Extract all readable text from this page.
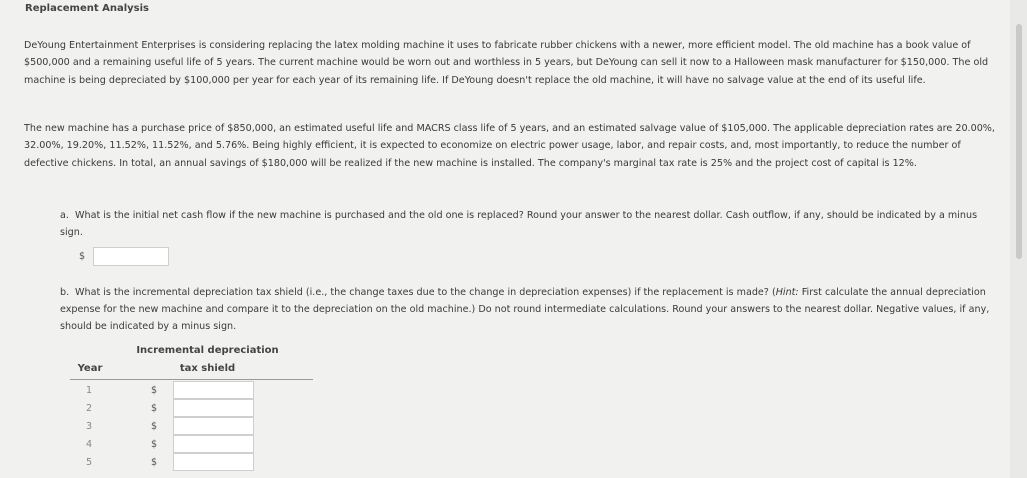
Replacement Analysis
DeYoung Entertainment Enterprises is considering replacing the latex molding machine it uses to fabricate rubber chickens with a newer, more efficient model. The old machine has a book value of $500,000 and a remaining useful life of 5 years. The current machine would be worn out and worthless in 5 years, but DeYoung can sell it now to a Halloween mask manufacturer for $150,000. The old machine is being depreciated by $100,000 per year for each year of its remaining life. If DeYoung doesn't replace the old machine, it will have no salvage value at the end of its useful life.
The new machine has a purchase price of $850,000, an estimated useful life and MACRS class life of 5 years, and an estimated salvage value of $105,000. The applicable depreciation rates are 20.00%, 32.00%, 19.20%, 11.52%, 11.52%, and 5.76%. Being highly efficient, it is expected to economize on electric power usage, labor, and repair costs, and, most importantly, to reduce the number of defective chickens. In total, an annual savings of $180,000 will be realized if the new machine is installed. The company's marginal tax rate is 25% and the project cost of capital is 12%.
a. What is the initial net cash flow if the new machine is purchased and the old one is replaced? Round your answer to the nearest dollar. Cash outflow, if any, should be indicated by a minus sign.
$
b. What is the incremental depreciation tax shield (i.e., the change taxes due to the change in depreciation expenses) if the replacement is made? (Hint: First calculate the annual depreciation expense for the new machine and compare it to the depreciation on the old machine.) Do not round intermediate calculations. Round your answers to the nearest dollar. Negative values, if any, should be indicated by a minus sign.
Incremental depreciation
tax shield
Year
1	$
2	$
3	$
4	$
5	$
